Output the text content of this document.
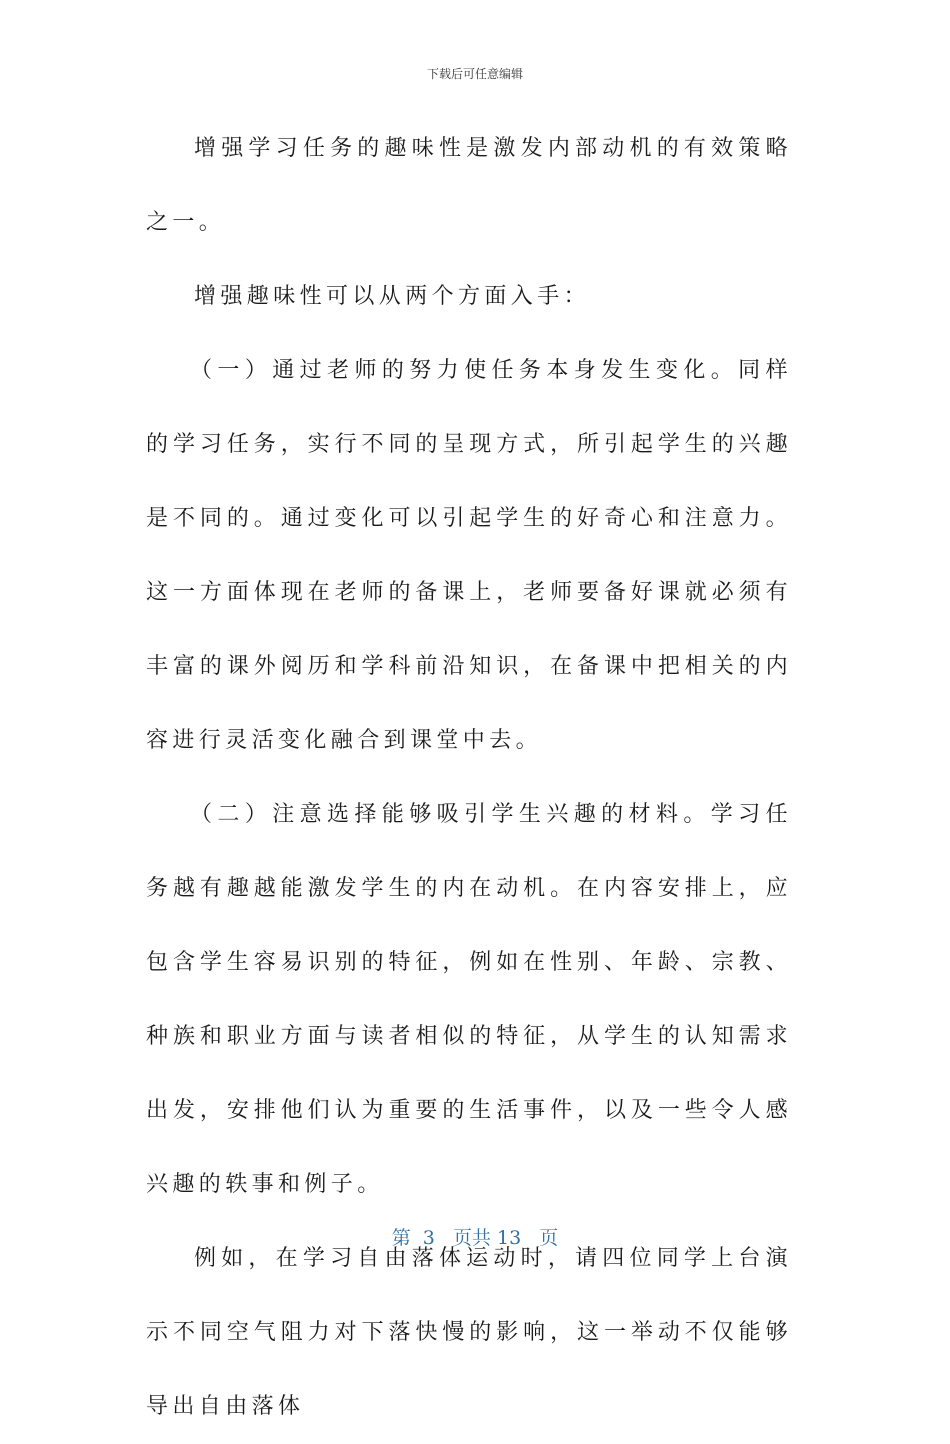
下载后可任意编辑

增强学习任务的趣味性是激发内部动机的有效策略之一。

增强趣味性可以从两个方面入手：

（一）通过老师的努力使任务本身发生变化。同样的学习任务，实行不同的呈现方式，所引起学生的兴趣是不同的。通过变化可以引起学生的好奇心和注意力。这一方面体现在老师的备课上，老师要备好课就必须有丰富的课外阅历和学科前沿知识，在备课中把相关的内容进行灵活变化融合到课堂中去。

（二）注意选择能够吸引学生兴趣的材料。学习任务越有趣越能激发学生的内在动机。在内容安排上，应包含学生容易识别的特征，例如在性别、年龄、宗教、种族和职业方面与读者相似的特征，从学生的认知需求出发，安排他们认为重要的生活事件，以及一些令人感兴趣的轶事和例子。

例如，在学习自由落体运动时，请四位同学上台演示不同空气阻力对下落快慢的影响，这一举动不仅能够导出自由落体

第  3   页共 13   页
